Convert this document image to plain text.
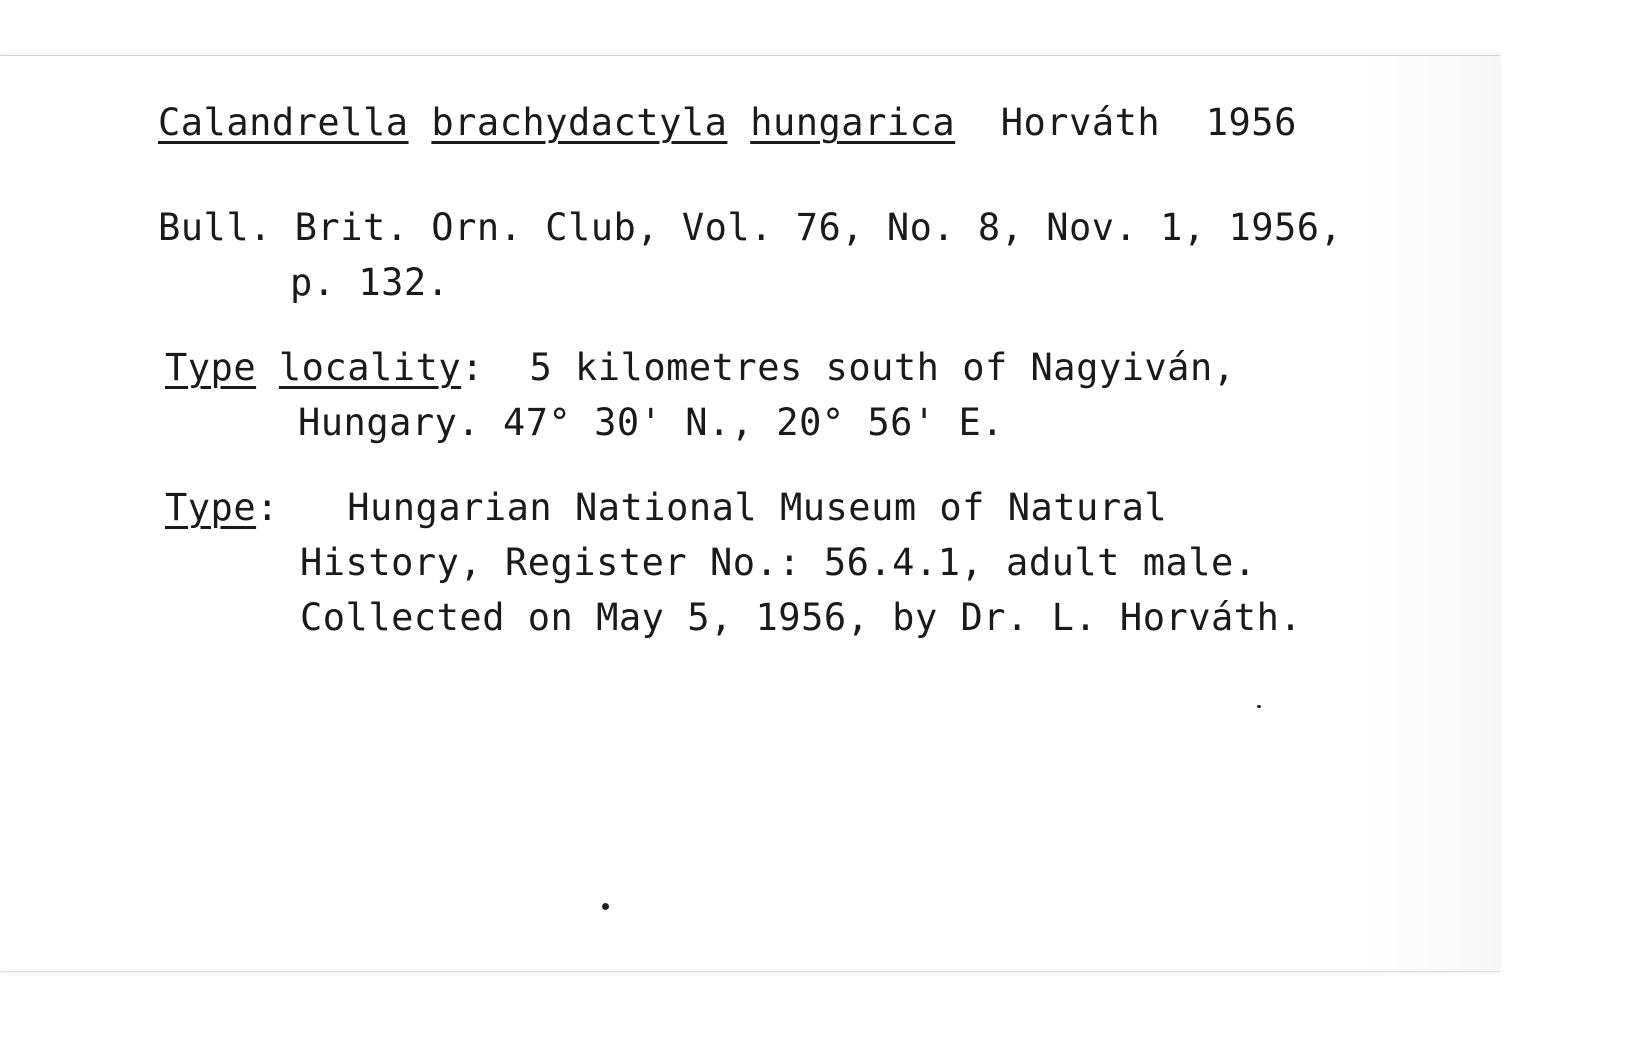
Calandrella brachydactyla hungarica Horváth 1956
Bull. Brit. Orn. Club, Vol. 76, No. 8, Nov. 1, 1956,
p. 132.
Type locality: 5 kilometres south of Nagyiván,
Hungary. 47° 30' N., 20° 56' E.
Type: Hungarian National Museum of Natural
History, Register No.: 56.4.1, adult male.
Collected on May 5, 1956, by Dr. L. Horváth.
